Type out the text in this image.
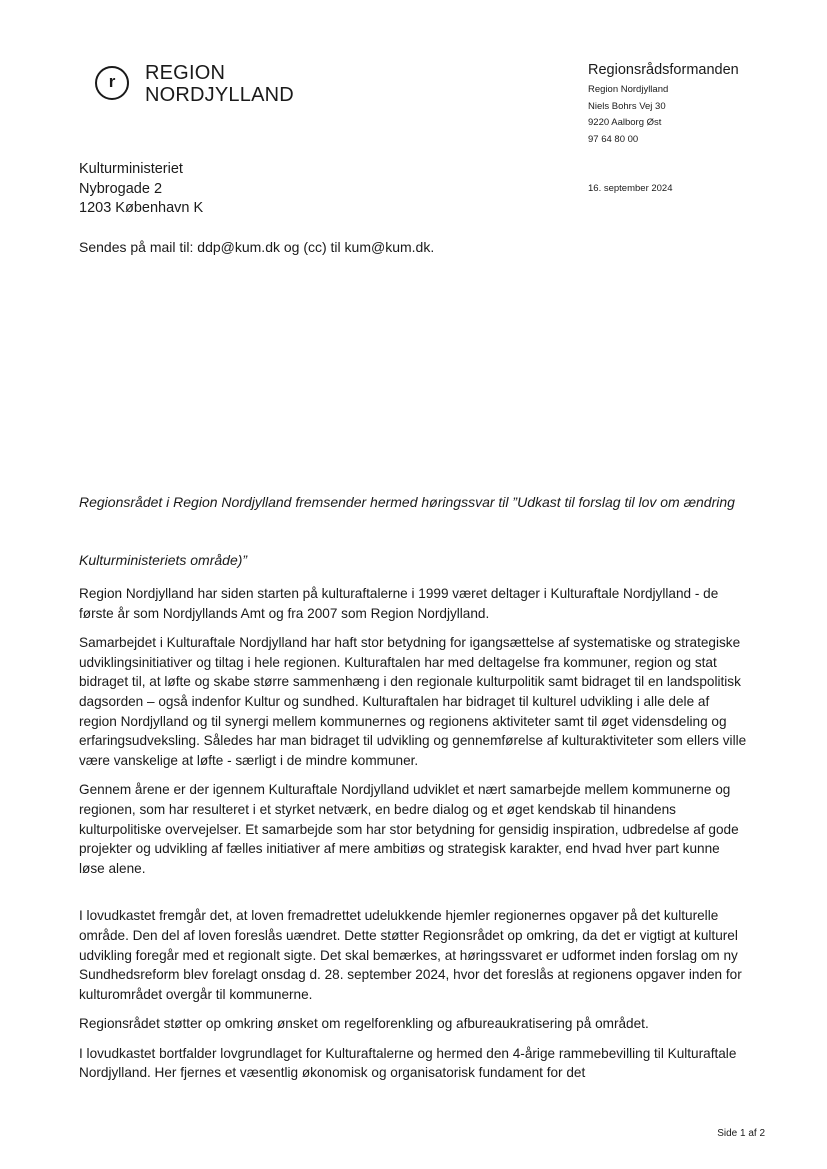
r	REGION
NORDJYLLAND
Regionsrådsformanden
Region Nordjylland
Niels Bohrs Vej 30
9220 Aalborg Øst
97 64 80 00
16. september 2024
Kulturministeriet
Nybrogade 2
1203 København K
Sendes på mail til: ddp@kum.dk og (cc) til kum@kum.dk.
Regionsrådet i Region Nordjylland fremsender hermed høringssvar til ”Udkast til forslag til lov om ændring
Kulturministeriets område)”

Region Nordjylland har siden starten på kulturaftalerne i 1999 været deltager i Kulturaftale Nordjylland - de første år som Nordjyllands Amt og fra 2007 som Region Nordjylland.

Samarbejdet i Kulturaftale Nordjylland har haft stor betydning for igangsættelse af systematiske og strategiske udviklingsinitiativer og tiltag i hele regionen. Kulturaftalen har med deltagelse fra kommuner, region og stat bidraget til, at løfte og skabe større sammenhæng i den regionale kulturpolitik samt bidraget til en landspolitisk dagsorden – også indenfor Kultur og sundhed. Kulturaftalen har bidraget til kulturel udvikling i alle dele af region Nordjylland og til synergi mellem kommunernes og regionens aktiviteter samt til øget vidensdeling og erfaringsudveksling. Således har man bidraget til udvikling og gennemførelse af kulturaktiviteter som ellers ville være vanskelige at løfte - særligt i de mindre kommuner.

Gennem årene er der igennem Kulturaftale Nordjylland udviklet et nært samarbejde mellem kommunerne og regionen, som har resulteret i et styrket netværk, en bedre dialog og et øget kendskab til hinandens kulturpolitiske overvejelser. Et samarbejde som har stor betydning for gensidig inspiration, udbredelse af gode projekter og udvikling af fælles initiativer af mere ambitiøs og strategisk karakter, end hvad hver part kunne løse alene.

I lovudkastet fremgår det, at loven fremadrettet udelukkende hjemler regionernes opgaver på det kulturelle område. Den del af loven foreslås uændret. Dette støtter Regionsrådet op omkring, da det er vigtigt at kulturel udvikling foregår med et regionalt sigte. Det skal bemærkes, at høringssvaret er udformet inden forslag om ny Sundhedsreform blev forelagt onsdag d. 28. september 2024, hvor det foreslås at regionens opgaver inden for kulturområdet overgår til kommunerne.

Regionsrådet støtter op omkring ønsket om regelforenkling og afbureaukratisering på området.

I lovudkastet bortfalder lovgrundlaget for Kulturaftalerne og hermed den 4-årige rammebevilling til Kulturaftale Nordjylland. Her fjernes et væsentlig økonomisk og organisatorisk fundament for det

Side 1 af 2
